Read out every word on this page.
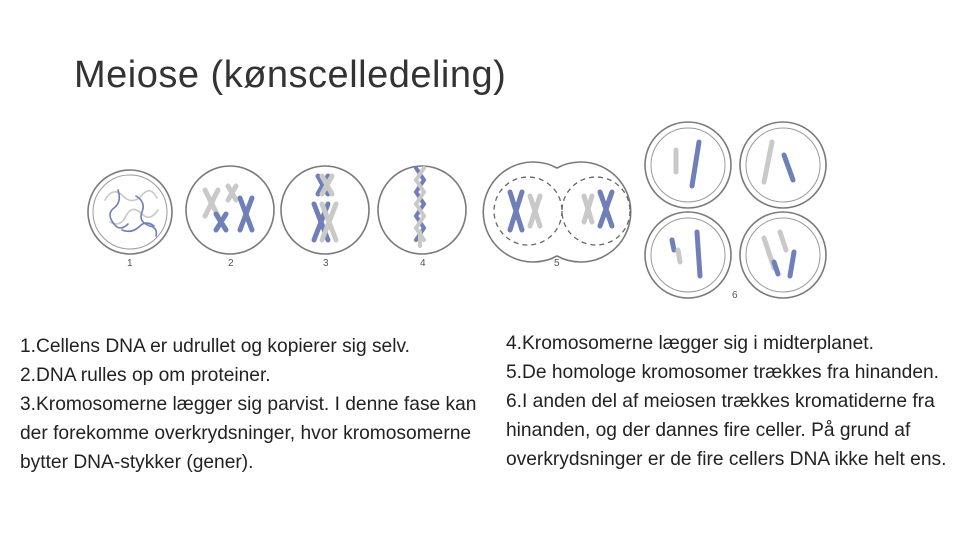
Meiose (kønscelledeling)
1	2	3	4	5
6

1.Cellens DNA er udrullet og kopierer sig selv.

2.DNA rulles op om proteiner.

3.Kromosomerne lægger sig parvist. I denne fase kan der forekomme overkrydsninger, hvor kromosomerne bytter DNA-stykker (gener).

4.Kromosomerne lægger sig i midterplanet.

5.De homologe kromosomer trækkes fra hinanden.

6.I anden del af meiosen trækkes kromatiderne fra hinanden, og der dannes fire celler. På grund af overkrydsninger er de fire cellers DNA ikke helt ens.
